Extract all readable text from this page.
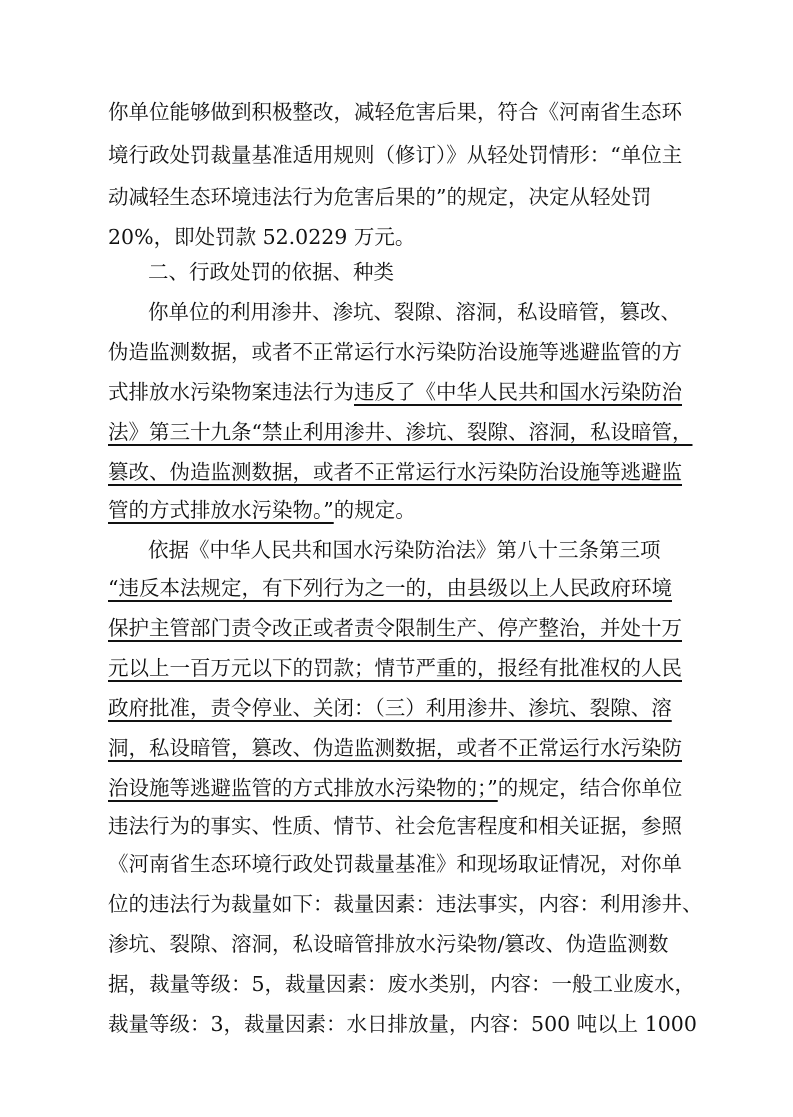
你单位能够做到积极整改，减轻危害后果，符合《河南省生态环
境行政处罚裁量基准适用规则（修订）》从轻处罚情形：“单位主
动减轻生态环境违法行为危害后果的”的规定，决定从轻处罚
20%，即处罚款 52.0229 万元。
二、行政处罚的依据、种类
你单位的利用渗井、渗坑、裂隙、溶洞，私设暗管，篡改、
伪造监测数据，或者不正常运行水污染防治设施等逃避监管的方
式排放水污染物案违法行为违反了《中华人民共和国水污染防治
法》第三十九条“禁止利用渗井、渗坑、裂隙、溶洞，私设暗管，
篡改、伪造监测数据，或者不正常运行水污染防治设施等逃避监
管的方式排放水污染物。”的规定。
依据《中华人民共和国水污染防治法》第八十三条第三项
“违反本法规定，有下列行为之一的，由县级以上人民政府环境
保护主管部门责令改正或者责令限制生产、停产整治，并处十万
元以上一百万元以下的罚款；情节严重的，报经有批准权的人民
政府批准，责令停业、关闭：（三）利用渗井、渗坑、裂隙、溶
洞，私设暗管，篡改、伪造监测数据，或者不正常运行水污染防
治设施等逃避监管的方式排放水污染物的；”的规定，结合你单位
违法行为的事实、性质、情节、社会危害程度和相关证据，参照
《河南省生态环境行政处罚裁量基准》和现场取证情况，对你单
位的违法行为裁量如下：裁量因素：违法事实，内容：利用渗井、
渗坑、裂隙、溶洞，私设暗管排放水污染物/篡改、伪造监测数
据，裁量等级：5，裁量因素：废水类别，内容：一般工业废水，
裁量等级：3，裁量因素：水日排放量，内容：500 吨以上 1000
